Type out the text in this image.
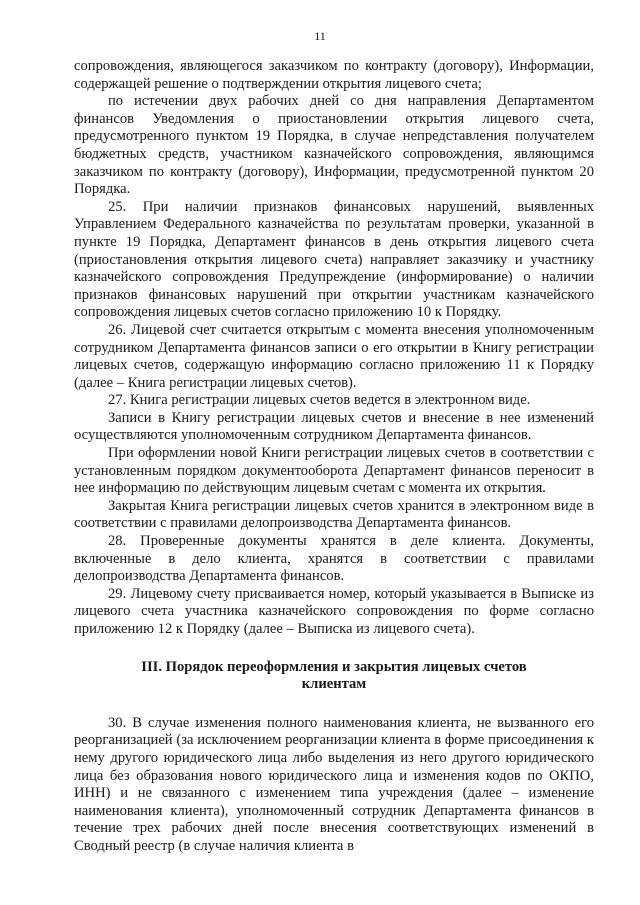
11

сопровождения, являющегося заказчиком по контракту (договору), Информации, содержащей решение о подтверждении открытия лицевого счета;

по истечении двух рабочих дней со дня направления Департаментом финансов Уведомления о приостановлении открытия лицевого счета, предусмотренного пунктом 19 Порядка, в случае непредставления получателем бюджетных средств, участником казначейского сопровождения, являющимся заказчиком по контракту (договору), Информации, предусмотренной пунктом 20 Порядка.

25. При наличии признаков финансовых нарушений, выявленных Управлением Федерального казначейства по результатам проверки, указанной в пункте 19 Порядка, Департамент финансов в день открытия лицевого счета (приостановления открытия лицевого счета) направляет заказчику и участнику казначейского сопровождения Предупреждение (информирование) о наличии признаков финансовых нарушений при открытии участникам казначейского сопровождения лицевых счетов согласно приложению 10 к Порядку.

26. Лицевой счет считается открытым с момента внесения уполномоченным сотрудником Департамента финансов записи о его открытии в Книгу регистрации лицевых счетов, содержащую информацию согласно приложению 11 к Порядку (далее – Книга регистрации лицевых счетов).

27. Книга регистрации лицевых счетов ведется в электронном виде.

Записи в Книгу регистрации лицевых счетов и внесение в нее изменений осуществляются уполномоченным сотрудником Департамента финансов.

При оформлении новой Книги регистрации лицевых счетов в соответствии с установленным порядком документооборота Департамент финансов переносит в нее информацию по действующим лицевым счетам с момента их открытия.

Закрытая Книга регистрации лицевых счетов хранится в электронном виде в соответствии с правилами делопроизводства Департамента финансов.

28. Проверенные документы хранятся в деле клиента. Документы, включенные в дело клиента, хранятся в соответствии с правилами делопроизводства Департамента финансов.

29. Лицевому счету присваивается номер, который указывается в Выписке из лицевого счета участника казначейского сопровождения по форме согласно приложению 12 к Порядку (далее – Выписка из лицевого счета).

III. Порядок переоформления и закрытия лицевых счетов клиентам

30. В случае изменения полного наименования клиента, не вызванного его реорганизацией (за исключением реорганизации клиента в форме присоединения к нему другого юридического лица либо выделения из него другого юридического лица без образования нового юридического лица и изменения кодов по ОКПО, ИНН) и не связанного с изменением типа учреждения (далее – изменение наименования клиента), уполномоченный сотрудник Департамента финансов в течение трех рабочих дней после внесения соответствующих изменений в Сводный реестр (в случае наличия клиента в
